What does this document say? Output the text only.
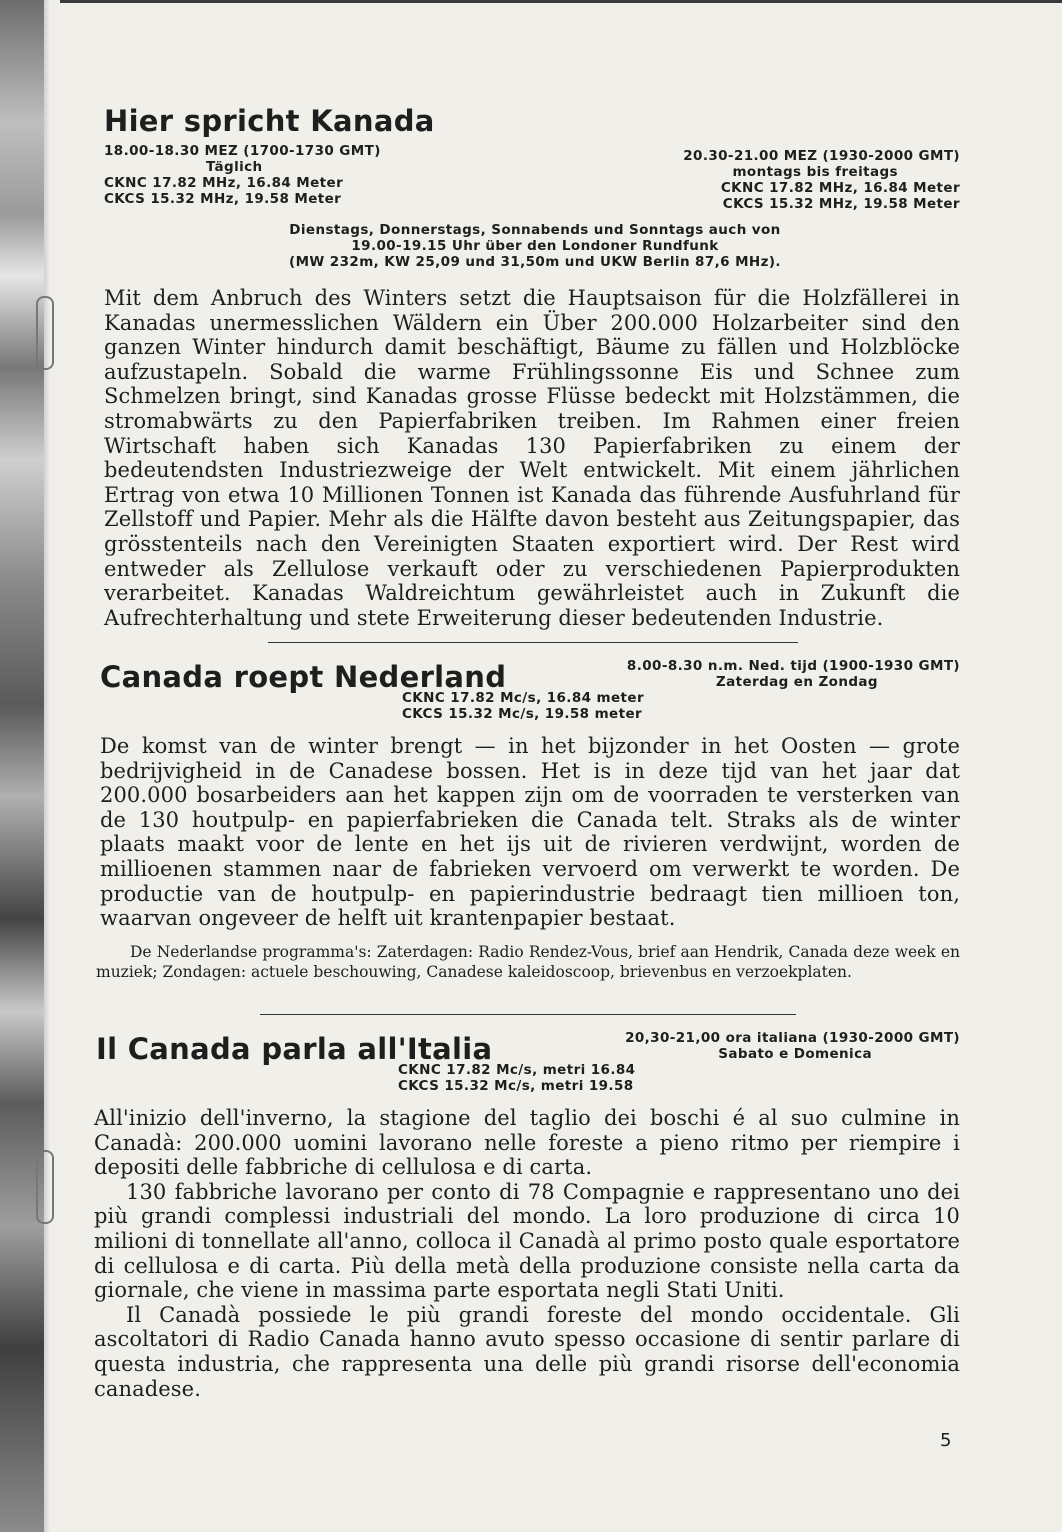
Hier spricht Kanada
18.00-18.30 MEZ (1700-1730 GMT)
Täglich
CKNC 17.82 MHz, 16.84 Meter
CKCS 15.32 MHz, 19.58 Meter
20.30-21.00 MEZ (1930-2000 GMT)
montags bis freitags
CKNC 17.82 MHz, 16.84 Meter
CKCS 15.32 MHz, 19.58 Meter
Dienstags, Donnerstags, Sonnabends und Sonntags auch von
19.00-19.15 Uhr über den Londoner Rundfunk
(MW 232m, KW 25,09 und 31,50m und UKW Berlin 87,6 MHz).

Mit dem Anbruch des Winters setzt die Hauptsaison für die Holzfällerei in Kanadas unermesslichen Wäldern ein Über 200.000 Holzarbeiter sind den ganzen Winter hindurch damit beschäftigt, Bäume zu fällen und Holzblöcke aufzustapeln. Sobald die warme Frühlingssonne Eis und Schnee zum Schmelzen bringt, sind Kanadas grosse Flüsse bedeckt mit Holzstämmen, die stromabwärts zu den Papierfabriken treiben. Im Rahmen einer freien Wirtschaft haben sich Kanadas 130 Papierfabriken zu einem der bedeutendsten Industriezweige der Welt entwickelt. Mit einem jährlichen Ertrag von etwa 10 Millionen Tonnen ist Kanada das führende Ausfuhrland für Zellstoff und Papier. Mehr als die Hälfte davon besteht aus Zeitungspapier, das grösstenteils nach den Vereinigten Staaten exportiert wird. Der Rest wird entweder als Zellulose verkauft oder zu verschiedenen Papierprodukten verarbeitet. Kanadas Waldreichtum gewährleistet auch in Zukunft die Aufrechterhaltung und stete Erweiterung dieser bedeutenden Industrie.

Canada roept Nederland	8.00-8.30 n.m. Ned. tijd (1900-1930 GMT)
Zaterdag en Zondag
CKNC 17.82 Mc/s, 16.84 meter
CKCS 15.32 Mc/s, 19.58 meter

De komst van de winter brengt — in het bijzonder in het Oosten — grote bedrijvigheid in de Canadese bossen. Het is in deze tijd van het jaar dat 200.000 bosarbeiders aan het kappen zijn om de voorraden te versterken van de 130 houtpulp- en papierfabrieken die Canada telt. Straks als de winter plaats maakt voor de lente en het ijs uit de rivieren verdwijnt, worden de millioenen stammen naar de fabrieken vervoerd om verwerkt te worden. De productie van de houtpulp- en papierindustrie bedraagt tien millioen ton, waarvan ongeveer de helft uit krantenpapier bestaat.

De Nederlandse programma's: Zaterdagen: Radio Rendez-Vous, brief aan Hendrik, Canada deze week en muziek; Zondagen: actuele beschouwing, Canadese kaleidoscoop, brievenbus en verzoekplaten.

Il Canada parla all'Italia	20,30-21,00 ora italiana (1930-2000 GMT)
Sabato e Domenica
CKNC 17.82 Mc/s, metri 16.84
CKCS 15.32 Mc/s, metri 19.58

All'inizio dell'inverno, la stagione del taglio dei boschi é al suo culmine in Canadà: 200.000 uomini lavorano nelle foreste a pieno ritmo per riempire i depositi delle fabbriche di cellulosa e di carta.

130 fabbriche lavorano per conto di 78 Compagnie e rappresentano uno dei più grandi complessi industriali del mondo. La loro produzione di circa 10 milioni di tonnellate all'anno, colloca il Canadà al primo posto quale esportatore di cellulosa e di carta. Più della metà della produzione consiste nella carta da giornale, che viene in massima parte esportata negli Stati Uniti.

Il Canadà possiede le più grandi foreste del mondo occidentale. Gli ascoltatori di Radio Canada hanno avuto spesso occasione di sentir parlare di questa industria, che rappresenta una delle più grandi risorse dell'economia canadese.

5
